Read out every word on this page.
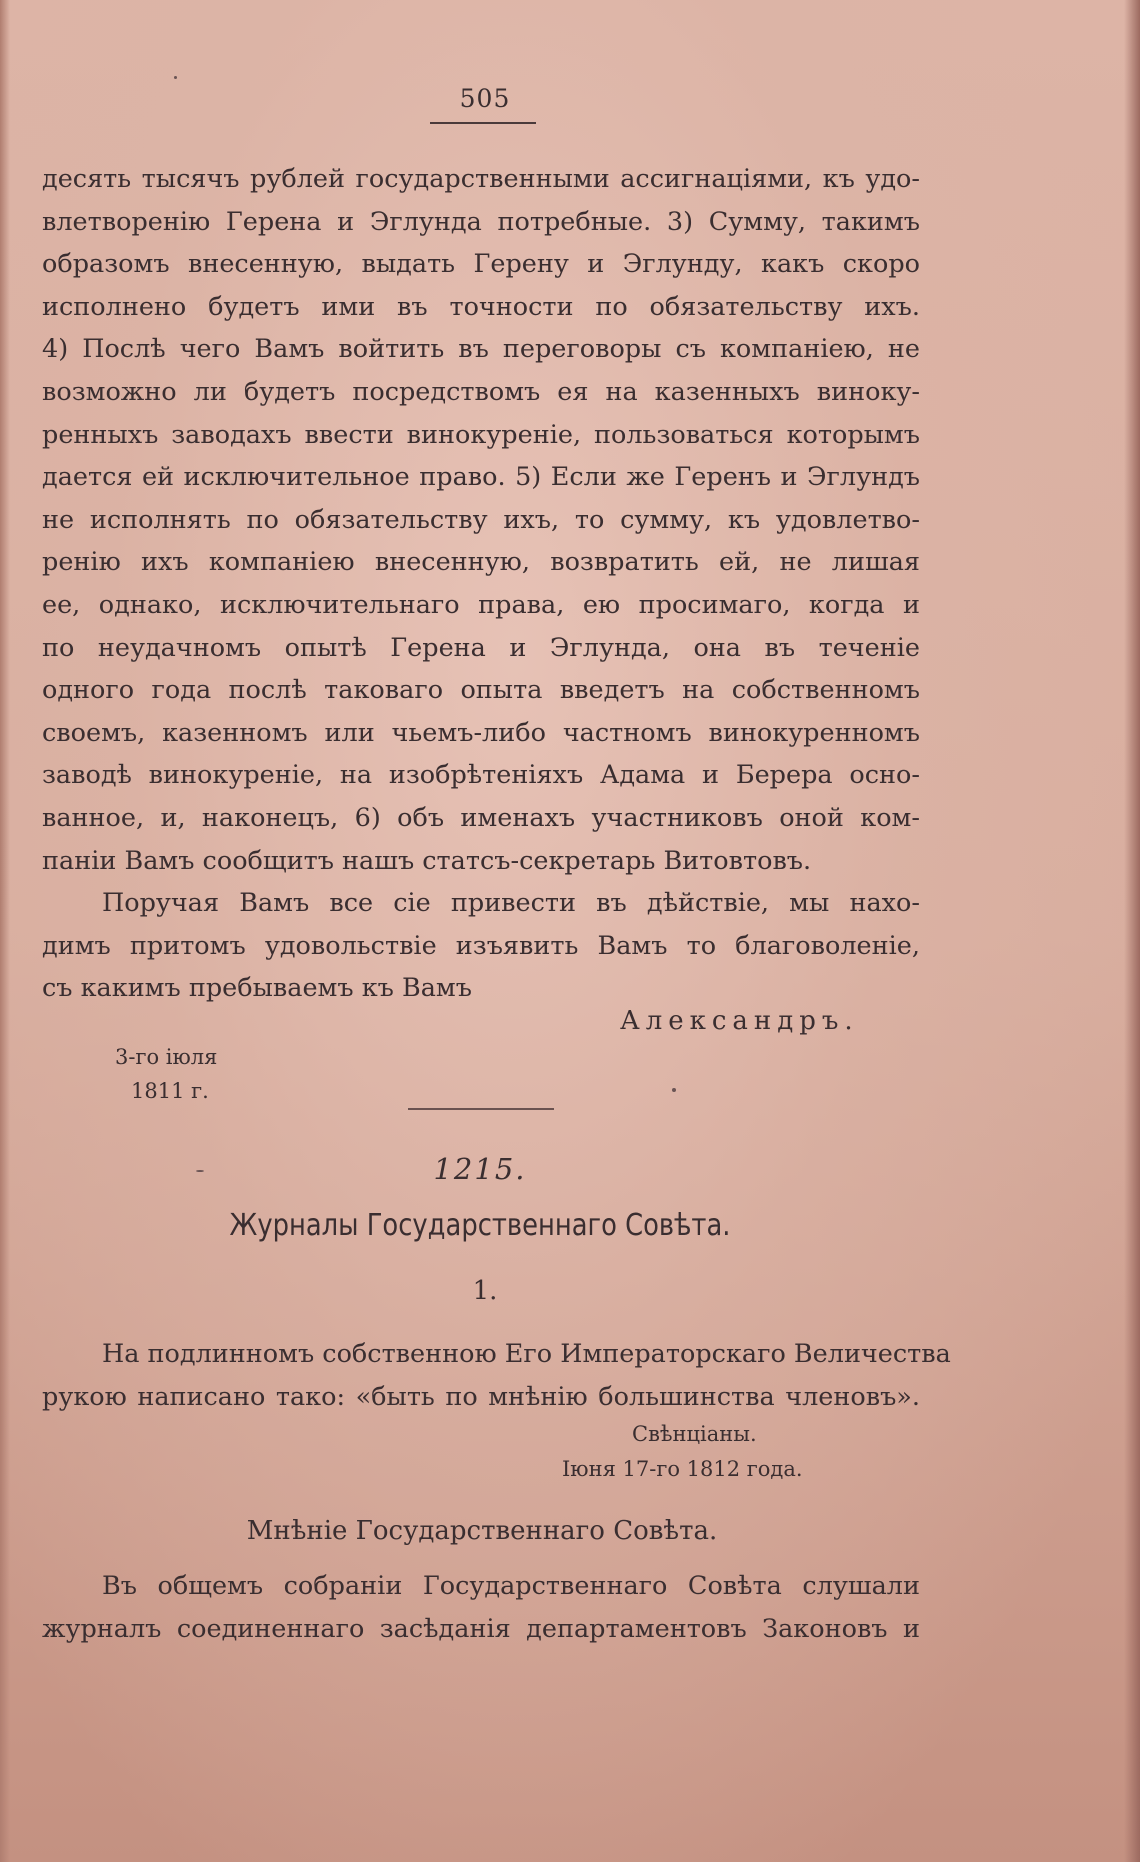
505
десять тысячъ рублей государственными ассигнаціями, къ удо-
влетворенію Герена и Эглунда потребные. 3) Сумму, такимъ
образомъ внесенную, выдать Герену и Эглунду, какъ скоро
исполнено будетъ ими въ точности по обязательству ихъ.
4) Послѣ чего Вамъ войтить въ переговоры съ компаніею, не
возможно ли будетъ посредствомъ ея на казенныхъ виноку-
ренныхъ заводахъ ввести винокуреніе, пользоваться которымъ
дается ей исключительное право. 5) Если же Геренъ и Эглундъ
не исполнять по обязательству ихъ, то сумму, къ удовлетво-
ренію ихъ компаніею внесенную, возвратить ей, не лишая
ее, однако, исключительнаго права, ею просимаго, когда и
по неудачномъ опытѣ Герена и Эглунда, она въ теченіе
одного года послѣ таковаго опыта введетъ на собственномъ
своемъ, казенномъ или чьемъ-либо частномъ винокуренномъ
заводѣ винокуреніе, на изобрѣтеніяхъ Адама и Берера осно-
ванное, и, наконецъ, 6) объ именахъ участниковъ оной ком-
паніи Вамъ сообщитъ нашъ статсъ-секретарь Витовтовъ.
Поручая Вамъ все сіе привести въ дѣйствіе, мы нахо-
димъ притомъ удовольствіе изъявить Вамъ то благоволеніе,
съ какимъ пребываемъ къ Вамъ
Александръ.
3-го іюля
1811 г.
1215.
Журналы Государственнаго Совѣта.
1.
На подлинномъ собственною Его Императорскаго Величества
рукою написано тако: «быть по мнѣнію большинства членовъ».
Свѣнціаны.
Іюня 17-го 1812 года.
Мнѣніе Государственнаго Совѣта.
Въ общемъ собраніи Государственнаго Совѣта слушали
журналъ соединеннаго засѣданія департаментовъ Законовъ и
